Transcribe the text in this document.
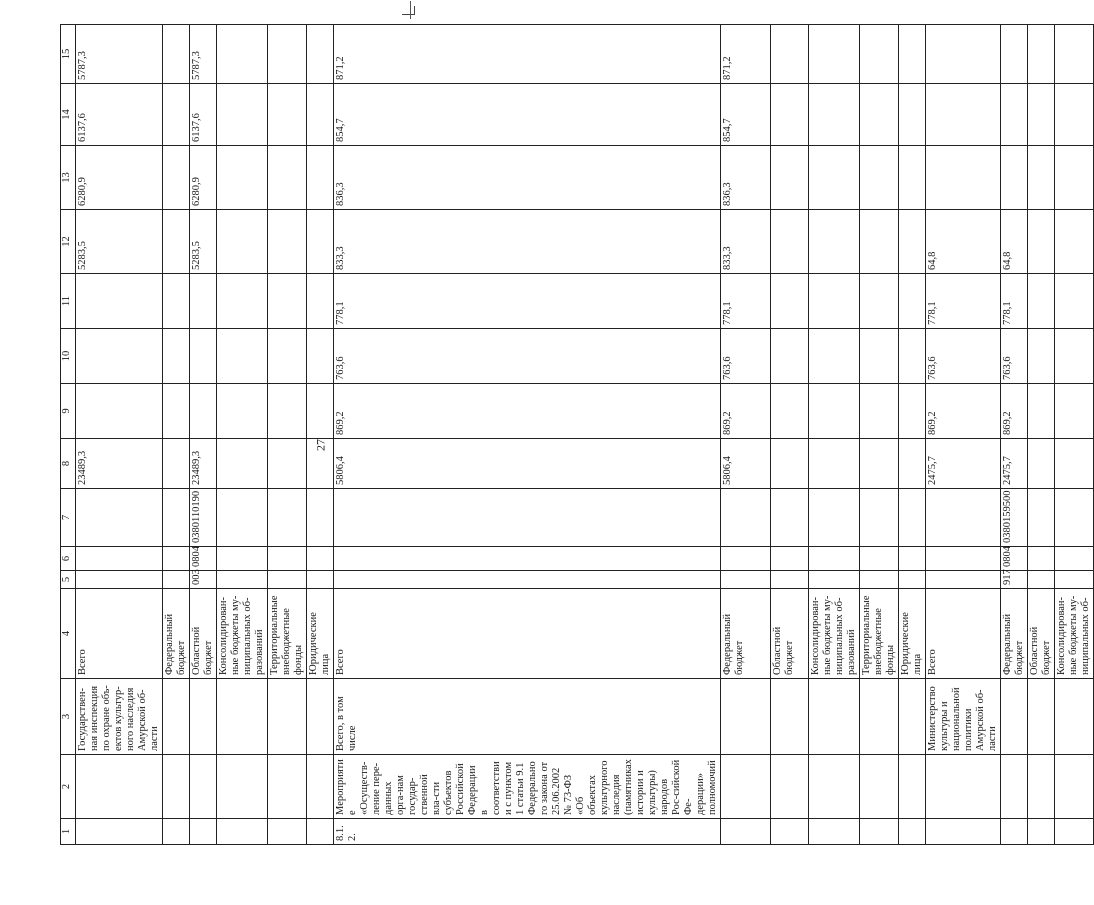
27
1	2	3	4	5	6	7	8	9	10	11	12	13	14	15
		Государствен-ная инспекция по охране объ-ектов культур-ного наследия Амурской об-ласти	Всего				23489,3				5283,5	6280,9	6137,6	5787,3
			Федеральный бюджет											
			Областной бюджет	003	0804	0380110190	23489,3				5283,5	6280,9	6137,6	5787,3
			Консолидирован-ные бюджеты му-ниципальных об-разований											
			Территориальные внебюджетные фонды											
			Юридические лица											
8.1.2.	Мероприятие «Осуществ-ление пере-данных орга-нам государ-ственной вла-сти субъектов Российской Федерации в соответствии с пунктом 1 статьи 9.1 Федерального закона от 25.06.2002 № 73-ФЗ «Об объектах культурного наследия (памятниках истории и культуры) народов Рос-сийской Фе-дерации» полномочий	Всего, в том числе	Всего				5806,4	869,2	763,6	778,1	833,3	836,3	854,7	871,2
			Федеральный бюджет				5806,4	869,2	763,6	778,1	833,3	836,3	854,7	871,2
			Областной бюджет											
			Консолидирован-ные бюджеты му-ниципальных об-разований											
			Территориальные внебюджетные фонды											
			Юридические лица											
		Министерство культуры и национальной политики Амурской об-ласти	Всего				2475,7	869,2	763,6	778,1	64,8			
			Федеральный бюджет	917	0804	0380159500	2475,7	869,2	763,6	778,1	64,8			
			Областной бюджет											
			Консолидирован-ные бюджеты му-ниципальных об-											
